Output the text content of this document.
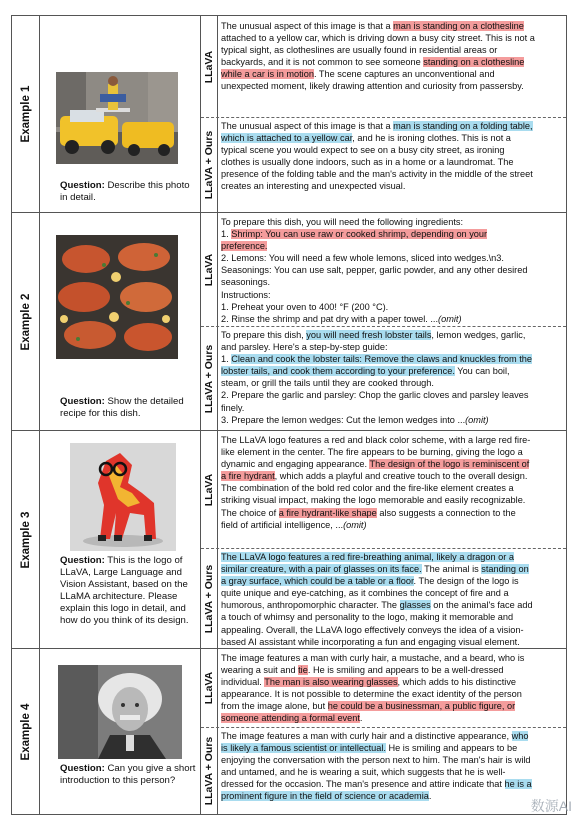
Example 1
Question: Describe this photo in detail.
LLaVA
LLaVA + Ours
The unusual aspect of this image is that a man is standing on a clothesline attached to a yellow car, which is driving down a busy city street. This is not a typical sight, as clotheslines are usually found in residential areas or backyards, and it is not common to see someone standing on a clothesline while a car is in motion. The scene captures an unconventional and unexpected moment, likely drawing attention and curiosity from passersby.
The unusual aspect of this image is that a man is standing on a folding table, which is attached to a yellow car, and he is ironing clothes. This is not a typical scene you would expect to see on a busy city street, as ironing clothes is usually done indoors, such as in a home or a laundromat. The presence of the folding table and the man's activity in the middle of the street creates an interesting and unexpected visual.
Example 2
Question: Show the detailed recipe for this dish.
LLaVA
LLaVA + Ours
To prepare this dish, you will need the following ingredients:
1. Shrimp: You can use raw or cooked shrimp, depending on your preference.
2. Lemons: You will need a few whole lemons, sliced into wedges.\n3. Seasonings: You can use salt, pepper, garlic powder, and any other desired seasonings.
Instructions:
1. Preheat your oven to 400! °F (200 °C).
2. Rinse the shrimp and pat dry with a paper towel. ...(omit)
To prepare this dish, you will need fresh lobster tails, lemon wedges, garlic, and parsley. Here's a step-by-step guide:
1. Clean and cook the lobster tails: Remove the claws and knuckles from the lobster tails, and cook them according to your preference. You can boil, steam, or grill the tails until they are cooked through.
2. Prepare the garlic and parsley: Chop the garlic cloves and parsley leaves finely.
3. Prepare the lemon wedges: Cut the lemon wedges into ...(omit)
Example 3	Question: This is the logo of LLaVA, Large Language and Vision Assistant, based on the LLaMA architecture. Please explain this logo in detail, and how do you think of its design.
LLaVA
LLaVA + Ours
The LLaVA logo features a red and black color scheme, with a large red fire-like element in the center. The fire appears to be burning, giving the logo a dynamic and engaging appearance. The design of the logo is reminiscent of a fire hydrant, which adds a playful and creative touch to the overall design. The combination of the bold red color and the fire-like element creates a striking visual impact, making the logo memorable and easily recognizable. The choice of a fire hydrant-like shape also suggests a connection to the field of artificial intelligence, ...(omit)
The LLaVA logo features a red fire-breathing animal, likely a dragon or a similar creature, with a pair of glasses on its face. The animal is standing on a gray surface, which could be a table or a floor. The design of the logo is quite unique and eye-catching, as it combines the concept of fire and a humorous, anthropomorphic character. The glasses on the animal's face add a touch of whimsy and personality to the logo, making it memorable and appealing. Overall, the LLaVA logo effectively conveys the idea of a vision-based AI assistant while incorporating a fun and engaging visual element.
Example 4
Question: Can you give a short introduction to this person?
LLaVA
LLaVA + Ours
The image features a man with curly hair, a mustache, and a beard, who is wearing a suit and tie. He is smiling and appears to be a well-dressed individual. The man is also wearing glasses, which adds to his distinctive appearance. It is not possible to determine the exact identity of the person from the image alone, but he could be a businessman, a public figure, or someone attending a formal event.
The image features a man with curly hair and a distinctive appearance, who is likely a famous scientist or intellectual. He is smiling and appears to be enjoying the conversation with the person next to him. The man's hair is wild and untamed, and he is wearing a suit, which suggests that he is well-dressed for the occasion. The man's presence and attire indicate that he is a prominent figure in the field of science or academia.
数源AI
